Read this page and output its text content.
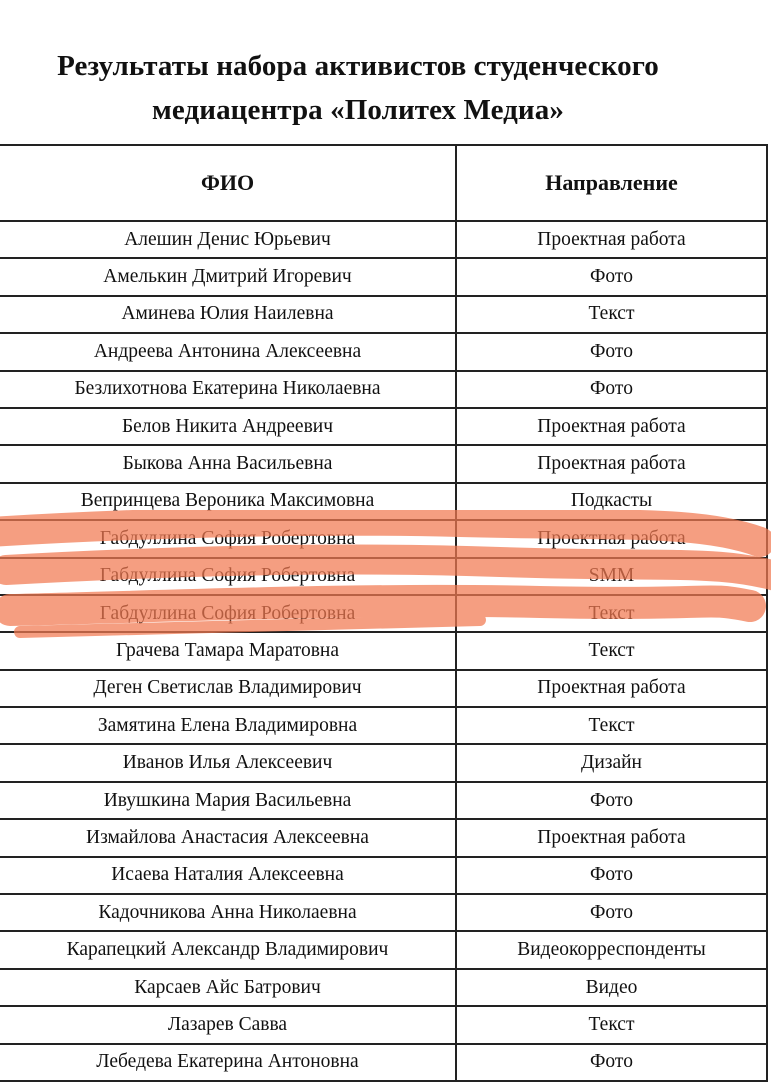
Результаты набора активистов студенческого
медиацентра «Политех Медиа»
ФИО	Направление
Алешин Денис Юрьевич	Проектная работа
Амелькин Дмитрий Игоревич	Фото
Аминева Юлия Наилевна	Текст
Андреева Антонина Алексеевна	Фото
Безлихотнова Екатерина Николаевна	Фото
Белов Никита Андреевич	Проектная работа
Быкова Анна Васильевна	Проектная работа
Вепринцева Вероника Максимовна	Подкасты
Габдуллина София Робертовна	Проектная работа
Габдуллина София Робертовна	SMM
Габдуллина София Робертовна	Текст
Грачева Тамара Маратовна	Текст
Деген Светислав Владимирович	Проектная работа
Замятина Елена Владимировна	Текст
Иванов Илья Алексеевич	Дизайн
Ивушкина Мария Васильевна	Фото
Измайлова Анастасия Алексеевна	Проектная работа
Исаева Наталия Алексеевна	Фото
Кадочникова Анна Николаевна	Фото
Карапецкий Александр Владимирович	Видеокорреспонденты
Карсаев Айс Батрович	Видео
Лазарев Савва	Текст
Лебедева Екатерина Антоновна	Фото
